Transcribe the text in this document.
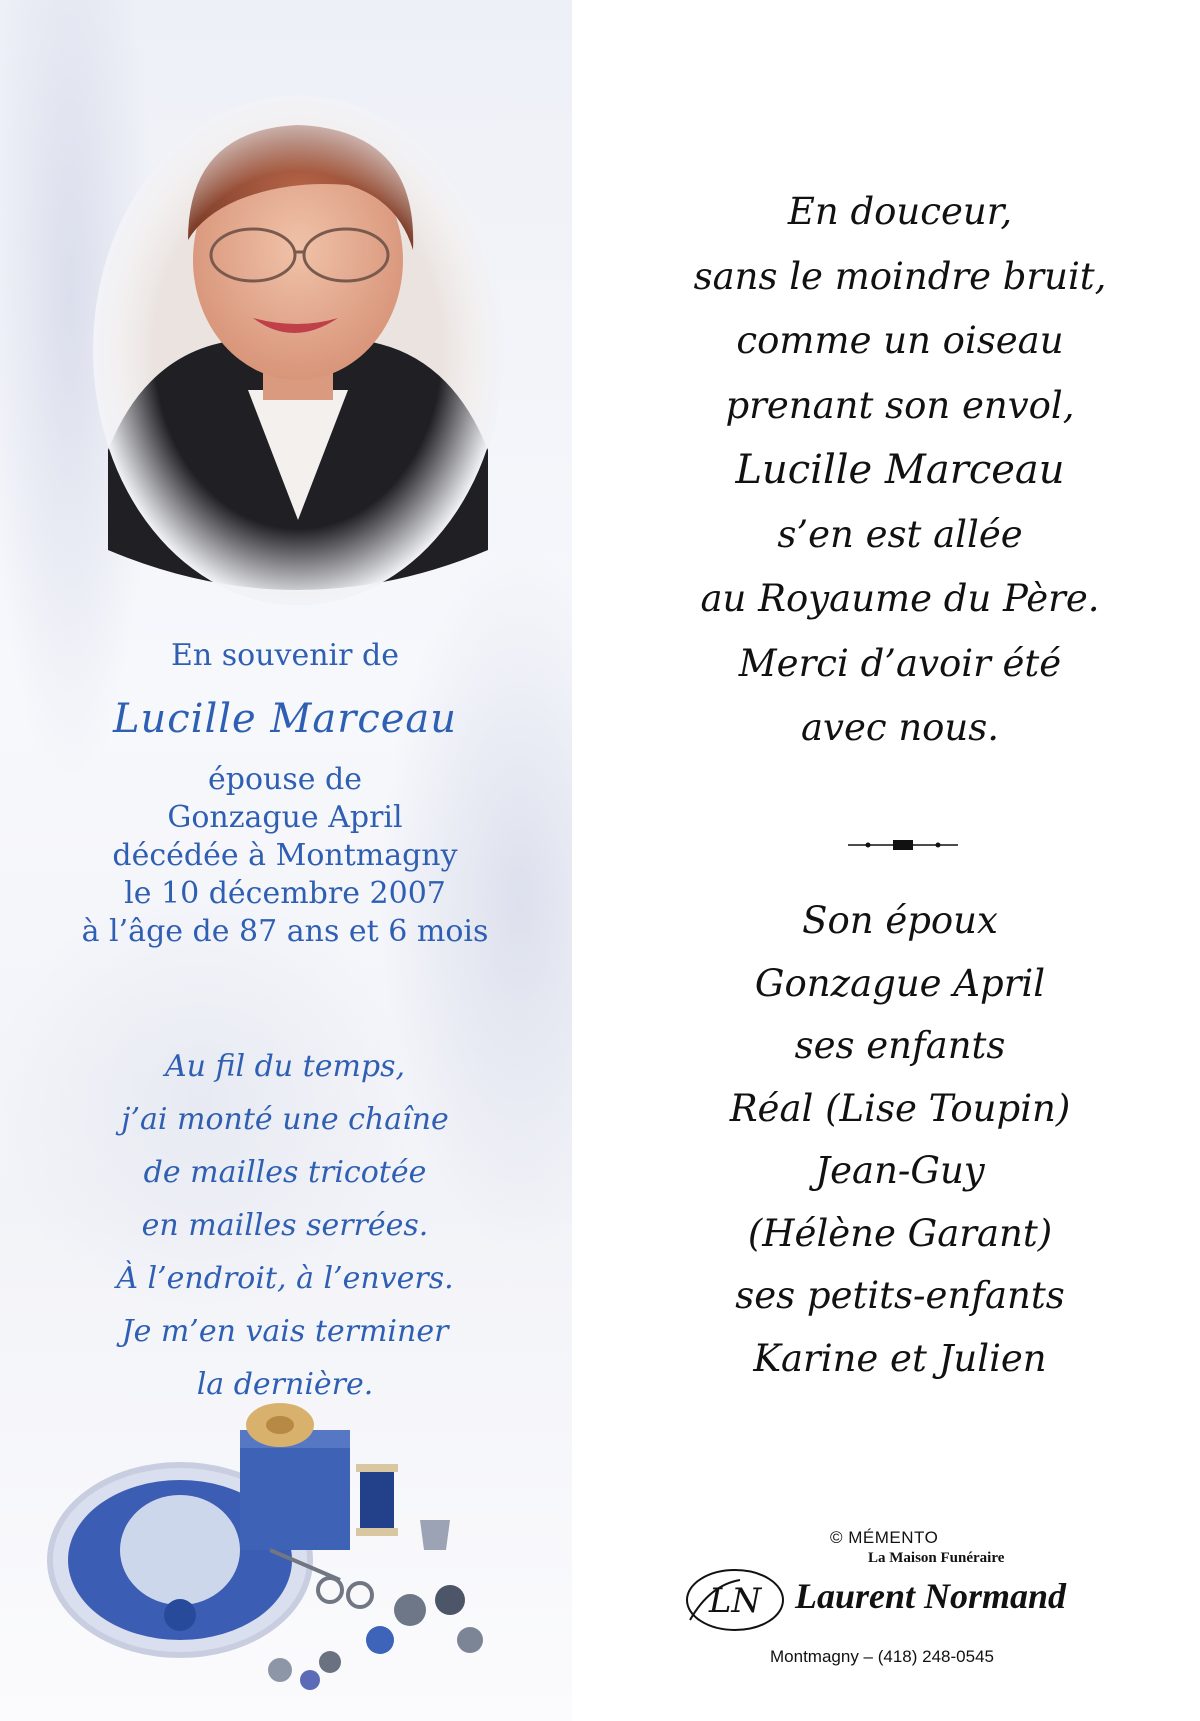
En souvenir de
Lucille Marceau
épouse de
Gonzague April
décédée à Montmagny
le 10 décembre 2007
à l’âge de 87 ans et 6 mois
Au fil du temps,
j’ai monté une chaîne
de mailles tricotée
en mailles serrées.
À l’endroit, à l’envers.
Je m’en vais terminer
la dernière.
En douceur,
sans le moindre bruit,
comme un oiseau
prenant son envol,
Lucille Marceau
s’en est allée
au Royaume du Père.
Merci d’avoir été
avec nous.
Son époux
Gonzague April
ses enfants
Réal (Lise Toupin)
Jean-Guy
(Hélène Garant)
ses petits-enfants
Karine et Julien
© MÉMENTO
La Maison Funéraire
LN Laurent Normand
Montmagny – (418) 248-0545
